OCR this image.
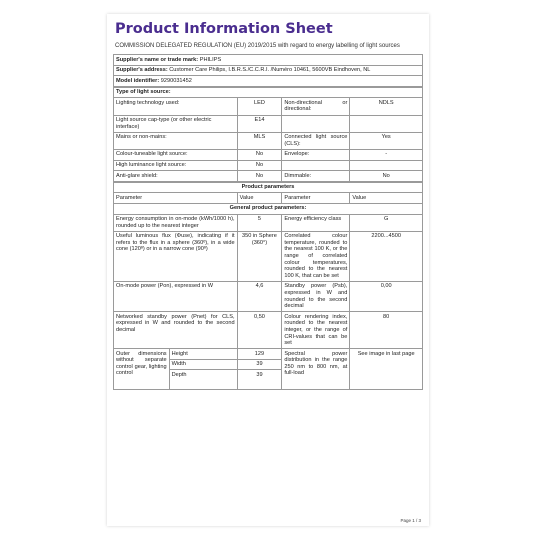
Product Information Sheet
COMMISSION DELEGATED REGULATION (EU) 2019/2015 with regard to energy labelling of light sources
Supplier's name or trade mark: PHILIPS
Supplier's address: Customer Care Philips, I.B.R.S./C.C.R.I. /Numéro 10461, 5600VB Eindhoven, NL
Model identifier: 9290031452
Type of light source:			
Lighting technology used:	LED	Non-directional or directional:	NDLS
Light source cap-type (or other electric interface)	E14		
Mains or non-mains:	MLS	Connected light source (CLS):	Yes
Colour-tuneable light source:	No	Envelope:	-
High luminance light source:	No		
Anti-glare shield:	No	Dimmable:	No
Product parameters				
Parameter		Value	Parameter	Value
General product parameters:				
Energy consumption in on-mode (kWh/1000 h), rounded up to the nearest integer		5	Energy efficiency class	G
Useful luminous flux (Φuse), indicating if it refers to the flux in a sphere (360º), in a wide cone (120º) or in a narrow cone (90º)		350 in Sphere (360°)	Correlated colour temperature, rounded to the nearest 100 K, or the range of correlated colour temperatures, rounded to the nearest 100 K, that can be set	2200...4500
On-mode power (Pon), expressed in W		4,6	Standby power (Psb), expressed in W and rounded to the second decimal	0,00
Networked standby power (Pnet) for CLS, expressed in W and rounded to the second decimal		0,50	Colour rendering index, rounded to the nearest integer, or the range of CRI-values that can be set	80
Outer dimensions without separate control gear, lighting control	Height	129	Spectral power distribution in the range 250 nm to 800 nm, at full-load	See image in last page
	Width	39		
	Depth	39		
Page 1 / 3
